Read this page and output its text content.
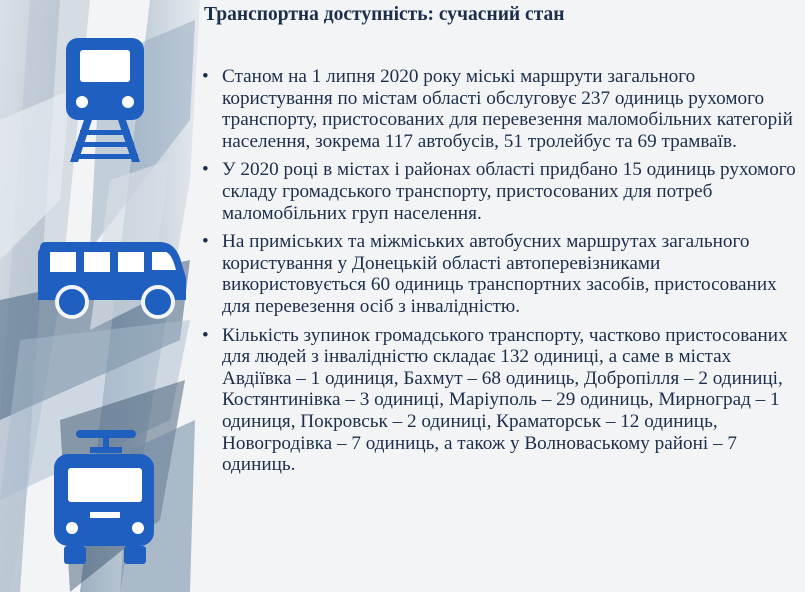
Транспортна доступність: сучасний стан
• Станом на 1 липня 2020 року міські маршрути загального користування по містам області обслуговує 237 одиниць рухомого транспорту, пристосованих для перевезення маломобільних категорій населення, зокрема 117 автобусів, 51 тролейбус та 69 трамваїв.
• У 2020 році в містах і районах області придбано 15 одиниць рухомого складу громадського транспорту, пристосованих для потреб маломобільних груп населення.
• На приміських та міжміських автобусних маршрутах загального користування у Донецькій області автоперевізниками використовується 60 одиниць транспортних засобів, пристосованих для перевезення осіб з інвалідністю.
• Кількість зупинок громадського транспорту, частково пристосованих для людей з інвалідністю складає 132 одиниці, а саме в містах Авдіївка – 1 одиниця, Бахмут – 68 одиниць, Добропілля – 2 одиниці, Костянтинівка – 3 одиниці, Маріуполь – 29 одиниць, Мирноград – 1 одиниця, Покровськ – 2 одиниці, Краматорськ – 12 одиниць, Новогродівка – 7 одиниць, а також у Волноваському районі – 7 одиниць.
